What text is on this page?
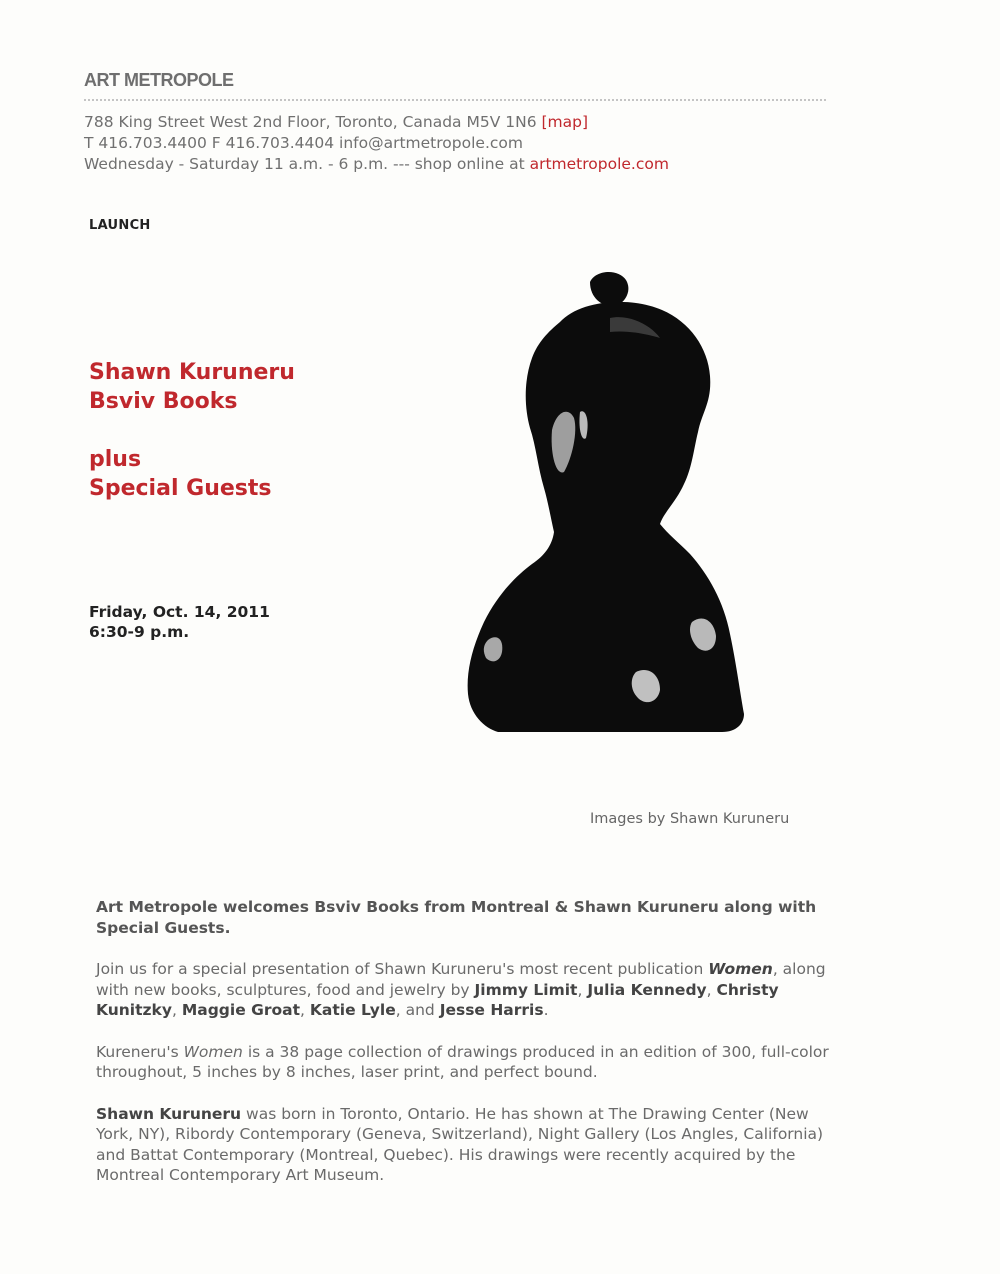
ART METROPOLE
788 King Street West 2nd Floor, Toronto, Canada M5V 1N6 [map]
T 416.703.4400 F 416.703.4404 info@artmetropole.com
Wednesday - Saturday 11 a.m. - 6 p.m. --- shop online at artmetropole.com
LAUNCH
Shawn Kuruneru
Bsviv Books
plus
Special Guests
Friday, Oct. 14, 2011
6:30-9 p.m.
Images by Shawn Kuruneru

Art Metropole welcomes Bsviv Books from Montreal & Shawn Kuruneru along with Special Guests.

Join us for a special presentation of Shawn Kuruneru's most recent publication Women, along with new books, sculptures, food and jewelry by Jimmy Limit, Julia Kennedy, Christy Kunitzky, Maggie Groat, Katie Lyle, and Jesse Harris.

Kureneru's Women is a 38 page collection of drawings produced in an edition of 300, full-color throughout, 5 inches by 8 inches, laser print, and perfect bound.

Shawn Kuruneru was born in Toronto, Ontario. He has shown at The Drawing Center (New York, NY), Ribordy Contemporary (Geneva, Switzerland), Night Gallery (Los Angles, California) and Battat Contemporary (Montreal, Quebec). His drawings were recently acquired by the Montreal Contemporary Art Museum.
